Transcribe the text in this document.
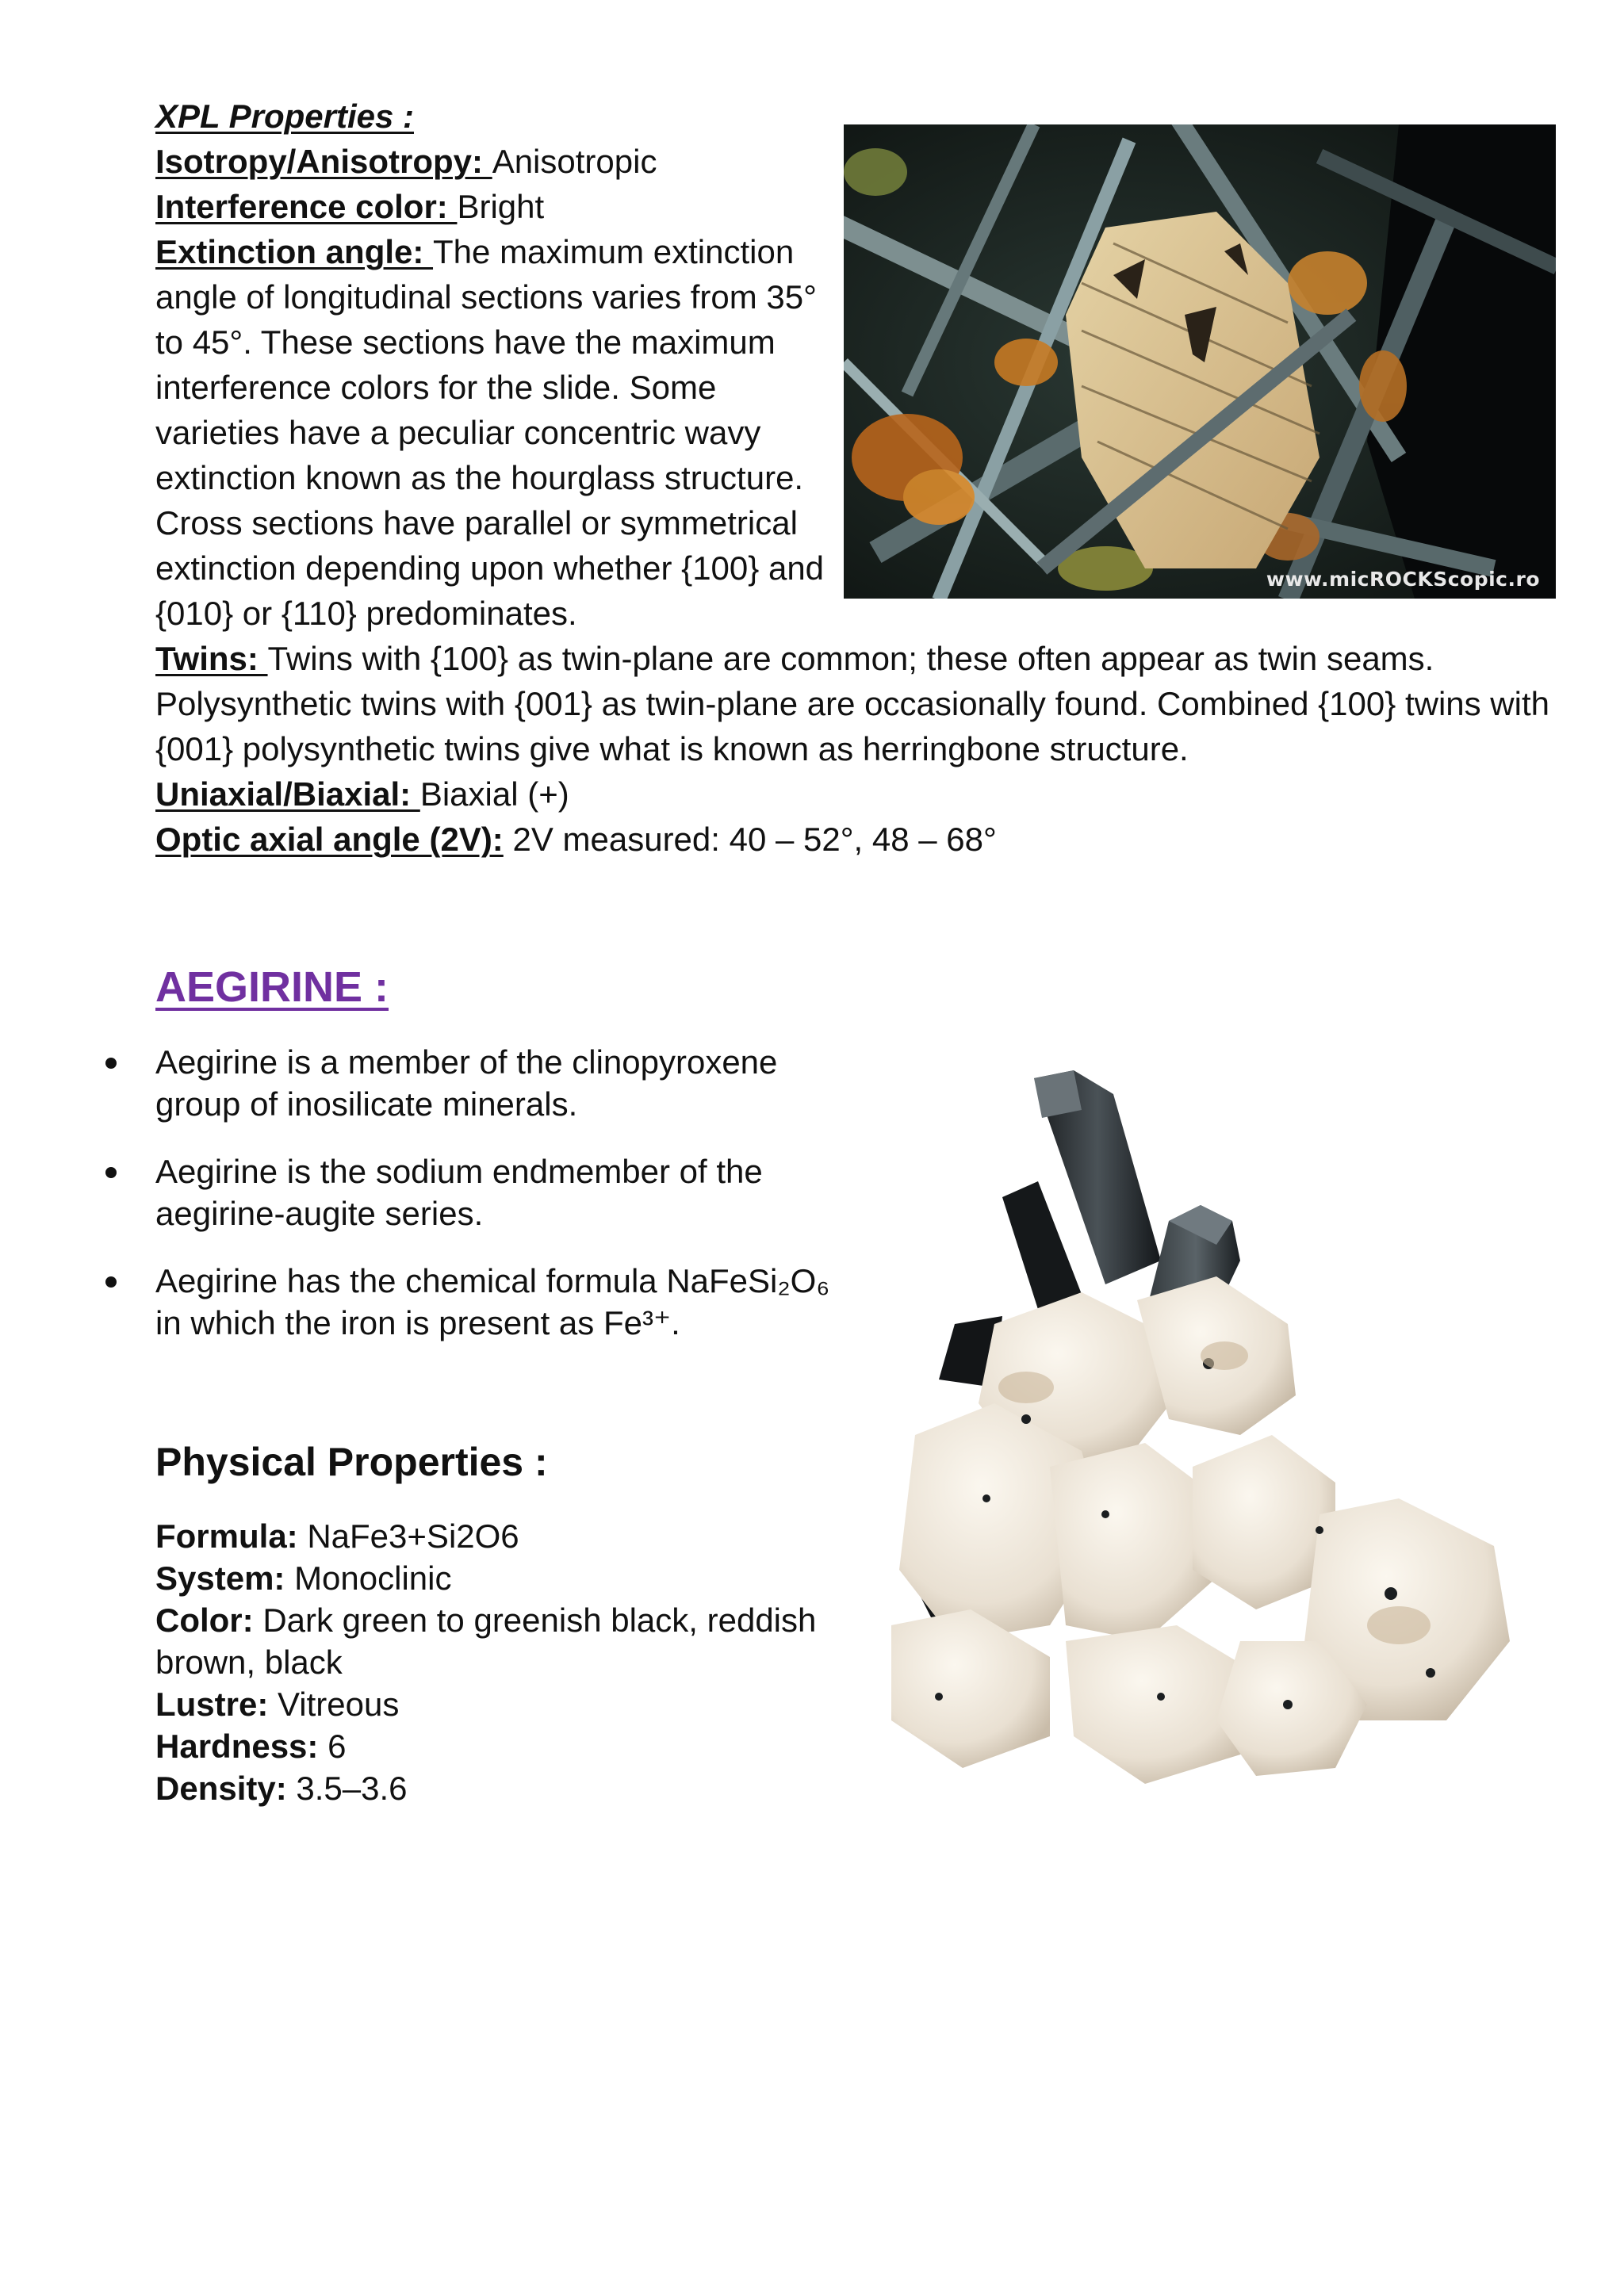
XPL Properties :
Isotropy/Anisotropy: Anisotropic
Interference color: Bright
Extinction angle: The maximum extinction
angle of longitudinal sections varies from 35°
to 45°. These sections have the maximum
interference colors for the slide. Some
varieties have a peculiar concentric wavy
extinction known as the hourglass structure.
Cross sections have parallel or symmetrical
extinction depending upon whether {100} and
{010} or {110} predominates.
Twins: Twins with {100} as twin-plane are common; these often appear as twin seams.
Polysynthetic twins with {001} as twin-plane are occasionally found. Combined {100} twins with
{001} polysynthetic twins give what is known as herringbone structure.
Uniaxial/Biaxial: Biaxial (+)
Optic axial angle (2V): 2V measured: 40 – 52°, 48 – 68°
www.micROCKScopic.ro
AEGIRINE :
Aegirine is a member of the clinopyroxene
group of inosilicate minerals.
Aegirine is the sodium endmember of the
aegirine-augite series.
Aegirine has the chemical formula NaFeSi₂O₆
in which the iron is present as Fe³⁺.
Physical Properties :
Formula: NaFe3+Si2O6
System: Monoclinic
Color: Dark green to greenish black, reddish
brown, black
Lustre: Vitreous
Hardness: 6
Density: 3.5–3.6
